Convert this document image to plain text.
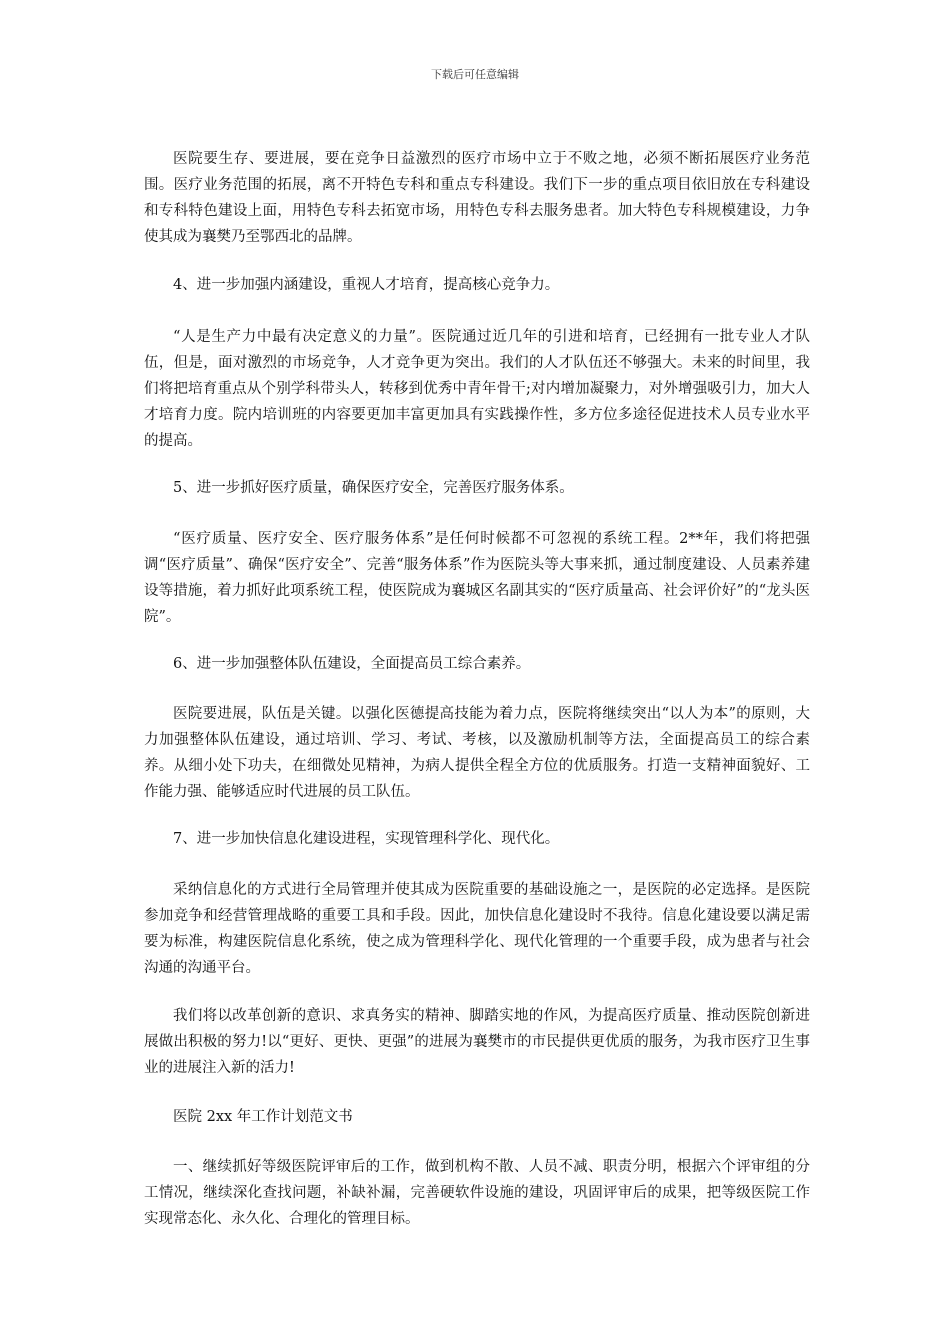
下载后可任意编辑

医院要生存、要进展，要在竞争日益激烈的医疗市场中立于不败之地，必须不断拓展医疗业务范围。医疗业务范围的拓展，离不开特色专科和重点专科建设。我们下一步的重点项目依旧放在专科建设和专科特色建设上面，用特色专科去拓宽市场，用特色专科去服务患者。加大特色专科规模建设，力争使其成为襄樊乃至鄂西北的品牌。

4、进一步加强内涵建设，重视人才培育，提高核心竞争力。

“人是生产力中最有决定意义的力量”。医院通过近几年的引进和培育，已经拥有一批专业人才队伍，但是，面对激烈的市场竞争，人才竞争更为突出。我们的人才队伍还不够强大。未来的时间里，我们将把培育重点从个别学科带头人，转移到优秀中青年骨干;对内增加凝聚力，对外增强吸引力，加大人才培育力度。院内培训班的内容要更加丰富更加具有实践操作性，多方位多途径促进技术人员专业水平的提高。

5、进一步抓好医疗质量，确保医疗安全，完善医疗服务体系。

“医疗质量、医疗安全、医疗服务体系”是任何时候都不可忽视的系统工程。2**年，我们将把强调“医疗质量”、确保“医疗安全”、完善“服务体系”作为医院头等大事来抓，通过制度建设、人员素养建设等措施，着力抓好此项系统工程，使医院成为襄城区名副其实的“医疗质量高、社会评价好”的“龙头医院”。

6、进一步加强整体队伍建设，全面提高员工综合素养。

医院要进展，队伍是关键。以强化医德提高技能为着力点，医院将继续突出“以人为本”的原则，大力加强整体队伍建设，通过培训、学习、考试、考核，以及激励机制等方法，全面提高员工的综合素养。从细小处下功夫，在细微处见精神，为病人提供全程全方位的优质服务。打造一支精神面貌好、工作能力强、能够适应时代进展的员工队伍。

7、进一步加快信息化建设进程，实现管理科学化、现代化。

采纳信息化的方式进行全局管理并使其成为医院重要的基础设施之一，是医院的必定选择。是医院参加竞争和经营管理战略的重要工具和手段。因此，加快信息化建设时不我待。信息化建设要以满足需要为标准，构建医院信息化系统，使之成为管理科学化、现代化管理的一个重要手段，成为患者与社会沟通的沟通平台。

我们将以改革创新的意识、求真务实的精神、脚踏实地的作风，为提高医疗质量、推动医院创新进展做出积极的努力!以“更好、更快、更强”的进展为襄樊市的市民提供更优质的服务，为我市医疗卫生事业的进展注入新的活力!

医院 2xx 年工作计划范文书

一、继续抓好等级医院评审后的工作，做到机构不散、人员不减、职责分明，根据六个评审组的分工情况，继续深化查找问题，补缺补漏，完善硬软件设施的建设，巩固评审后的成果，把等级医院工作实现常态化、永久化、合理化的管理目标。
